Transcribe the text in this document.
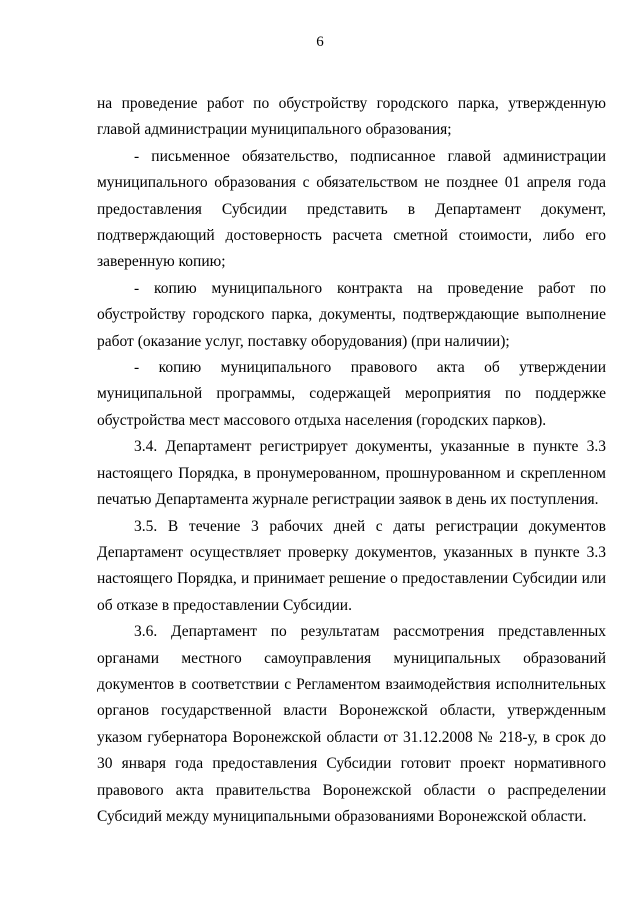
6

на проведение работ по обустройству городского парка, утвержденную главой администрации муниципального образования;

- письменное обязательство, подписанное главой администрации муниципального образования с обязательством не позднее 01 апреля года предоставления Субсидии представить в Департамент документ, подтверждающий достоверность расчета сметной стоимости, либо его заверенную копию;

- копию муниципального контракта на проведение работ по обустройству городского парка, документы, подтверждающие выполнение работ (оказание услуг, поставку оборудования) (при наличии);

- копию муниципального правового акта об утверждении муниципальной программы, содержащей мероприятия по поддержке обустройства мест массового отдыха населения (городских парков).

3.4. Департамент регистрирует документы, указанные в пункте 3.3 настоящего Порядка, в пронумерованном, прошнурованном и скрепленном печатью Департамента журнале регистрации заявок в день их поступления.

3.5. В течение 3 рабочих дней с даты регистрации документов Департамент осуществляет проверку документов, указанных в пункте 3.3 настоящего Порядка, и принимает решение о предоставлении Субсидии или об отказе в предоставлении Субсидии.

3.6. Департамент по результатам рассмотрения представленных органами местного самоуправления муниципальных образований документов в соответствии с Регламентом взаимодействия исполнительных органов государственной власти Воронежской области, утвержденным указом губернатора Воронежской области от 31.12.2008 № 218-у, в срок до 30 января года предоставления Субсидии готовит проект нормативного правового акта правительства Воронежской области о распределении Субсидий между муниципальными образованиями Воронежской области.
